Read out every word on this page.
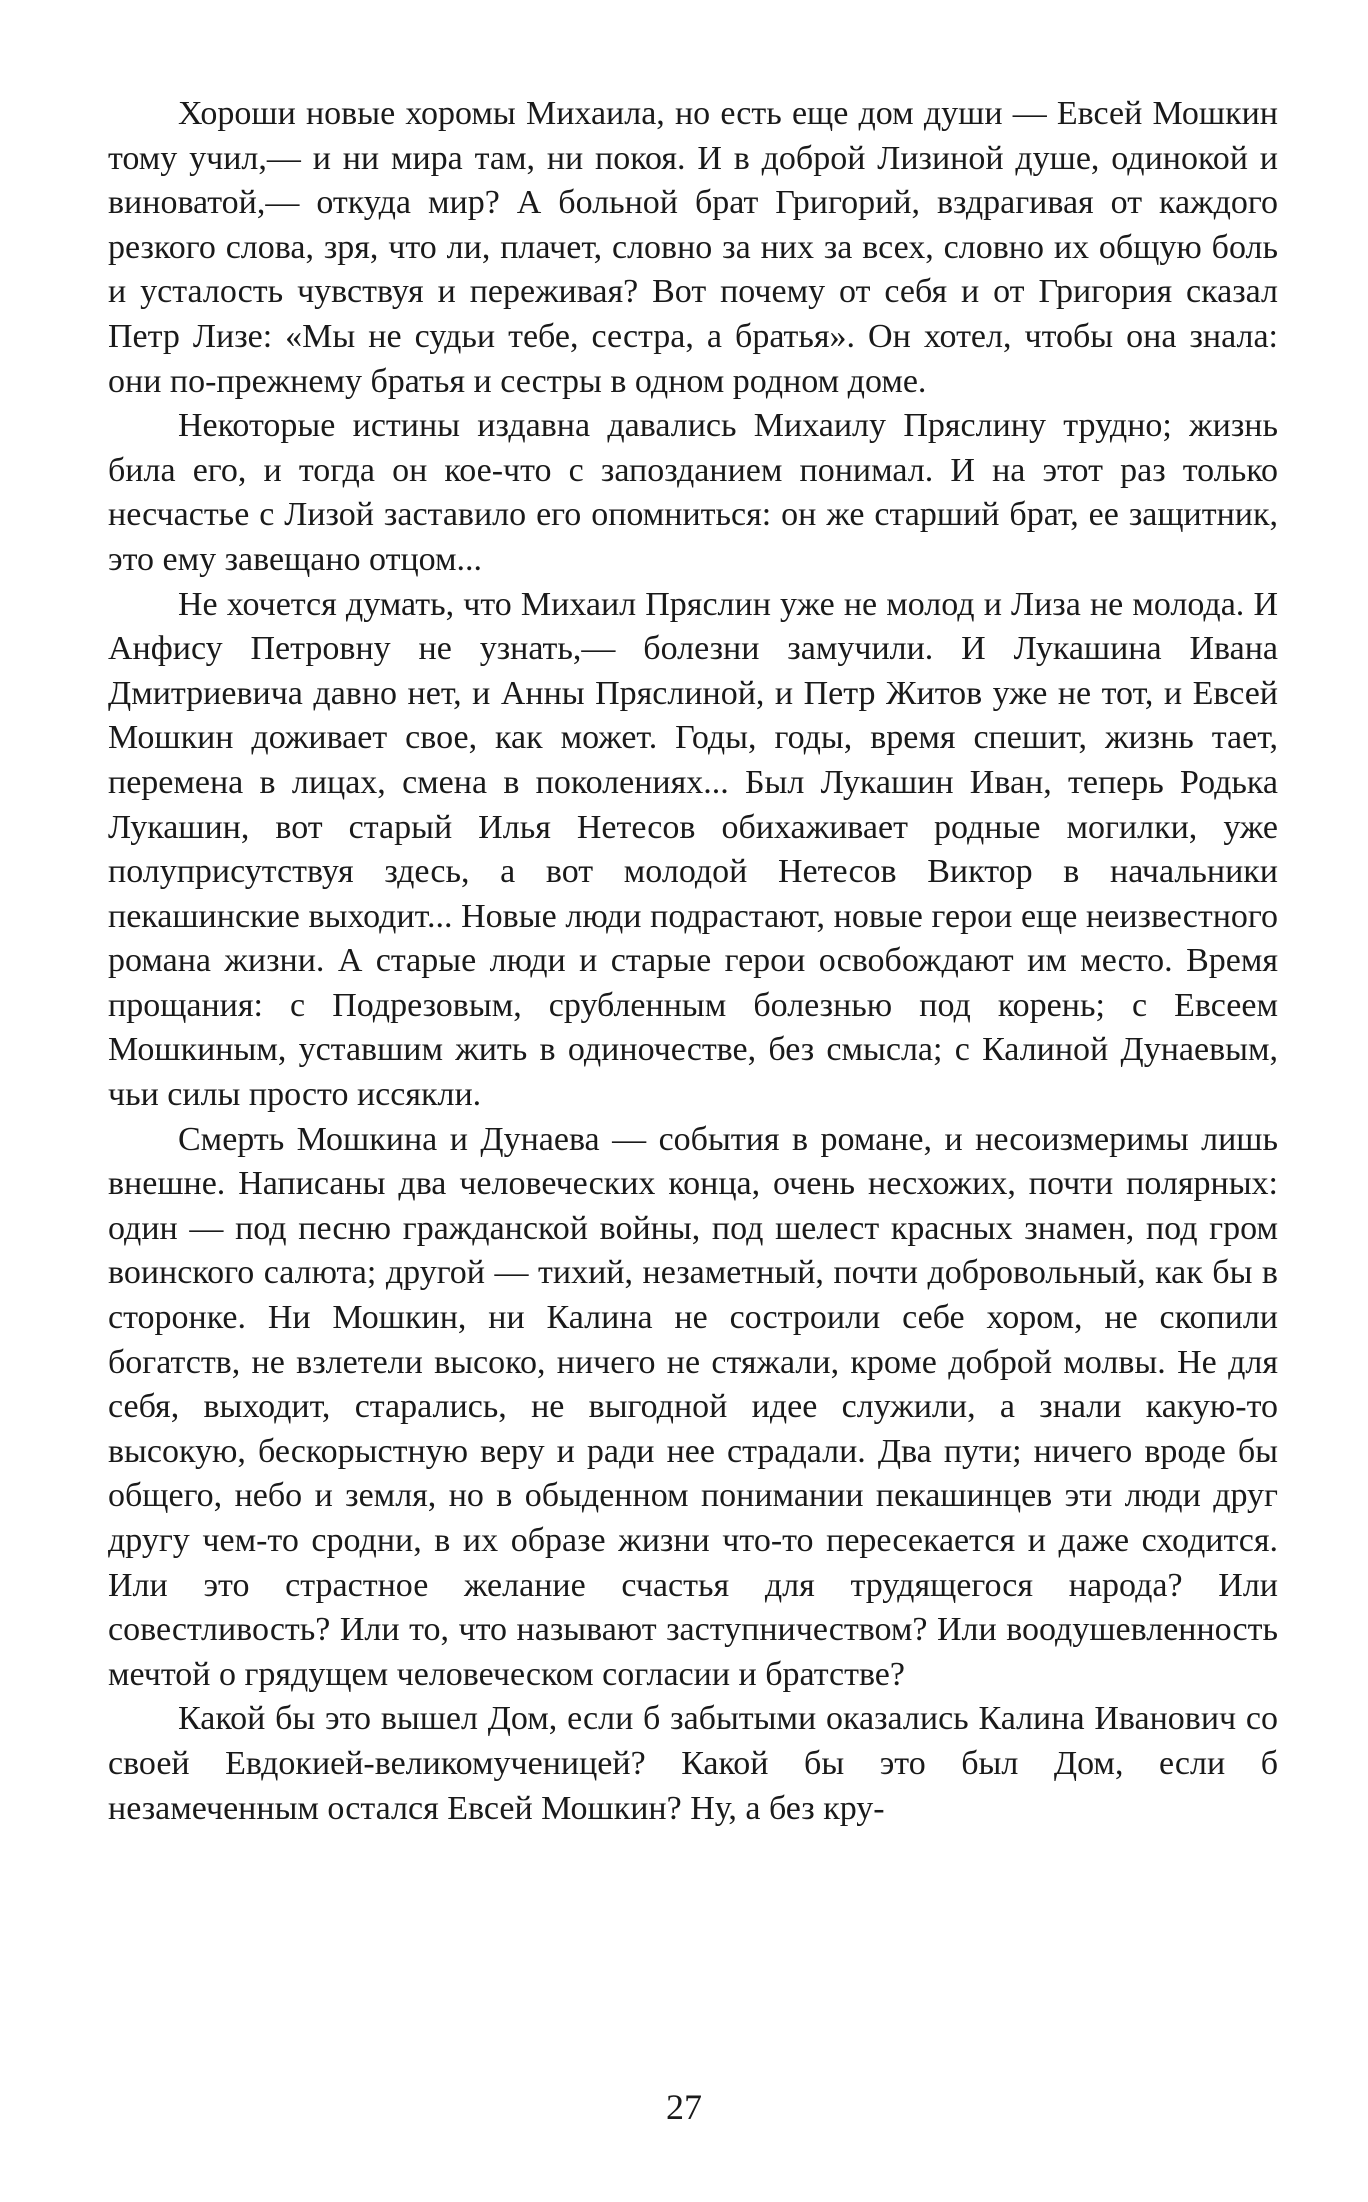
Хороши новые хоромы Михаила, но есть еще дом души — Евсей Мошкин тому учил,— и ни мира там, ни покоя. И в доброй Лизиной душе, одинокой и виноватой,— откуда мир? А больной брат Григорий, вздрагивая от каждого резкого слова, зря, что ли, плачет, словно за них за всех, словно их общую боль и усталость чувствуя и переживая? Вот почему от себя и от Григория сказал Петр Лизе: «Мы не судьи тебе, сестра, а братья». Он хотел, чтобы она знала: они по-прежнему братья и сестры в одном родном доме.

Некоторые истины издавна давались Михаилу Пряслину трудно; жизнь била его, и тогда он кое-что с запозданием понимал. И на этот раз только несчастье с Лизой заставило его опомниться: он же старший брат, ее защитник, это ему завещано отцом...

Не хочется думать, что Михаил Пряслин уже не молод и Лиза не молода. И Анфису Петровну не узнать,— болезни замучили. И Лукашина Ивана Дмитриевича давно нет, и Анны Пряслиной, и Петр Житов уже не тот, и Евсей Мошкин доживает свое, как может. Годы, годы, время спешит, жизнь тает, перемена в лицах, смена в поколениях... Был Лукашин Иван, теперь Родька Лукашин, вот старый Илья Нетесов обихаживает родные могилки, уже полуприсутствуя здесь, а вот молодой Нетесов Виктор в начальники пекашинские выходит... Новые люди подрастают, новые герои еще неизвестного романа жизни. А старые люди и старые герои освобождают им место. Время прощания: с Подрезовым, срубленным болезнью под корень; с Евсеем Мошкиным, уставшим жить в одиночестве, без смысла; с Калиной Дунаевым, чьи силы просто иссякли.

Смерть Мошкина и Дунаева — события в романе, и несоизмеримы лишь внешне. Написаны два человеческих конца, очень несхожих, почти полярных: один — под песню гражданской войны, под шелест красных знамен, под гром воинского салюта; другой — тихий, незаметный, почти добровольный, как бы в сторонке. Ни Мошкин, ни Калина не состроили себе хором, не скопили богатств, не взлетели высоко, ничего не стяжали, кроме доброй молвы. Не для себя, выходит, старались, не выгодной идее служили, а знали какую-то высокую, бескорыстную веру и ради нее страдали. Два пути; ничего вроде бы общего, небо и земля, но в обыденном понимании пекашинцев эти люди друг другу чем-то сродни, в их образе жизни что-то пересекается и даже сходится. Или это страстное желание счастья для трудящегося народа? Или совестливость? Или то, что называют заступничеством? Или воодушевленность мечтой о грядущем человеческом согласии и братстве?

Какой бы это вышел Дом, если б забытыми оказались Калина Иванович со своей Евдокией-великомученицей? Какой бы это был Дом, если б незамеченным остался Евсей Мошкин? Ну, а без кру-

27
